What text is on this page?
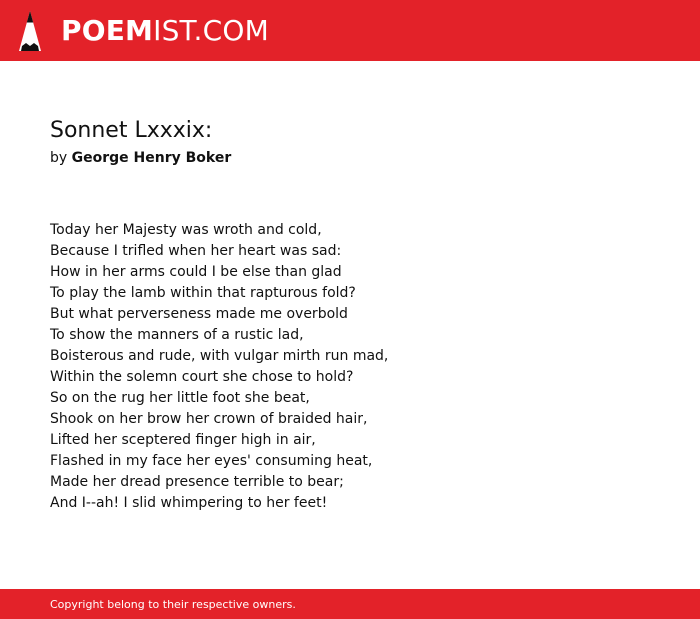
POEMIST.COM
Sonnet Lxxxix:
by George Henry Boker
Today her Majesty was wroth and cold,
Because I trifled when her heart was sad:
How in her arms could I be else than glad
To play the lamb within that rapturous fold?
But what perverseness made me overbold
To show the manners of a rustic lad,
Boisterous and rude, with vulgar mirth run mad,
Within the solemn court she chose to hold?
So on the rug her little foot she beat,
Shook on her brow her crown of braided hair,
Lifted her sceptered finger high in air,
Flashed in my face her eyes' consuming heat,
Made her dread presence terrible to bear;
And I--ah! I slid whimpering to her feet!
Copyright belong to their respective owners.
